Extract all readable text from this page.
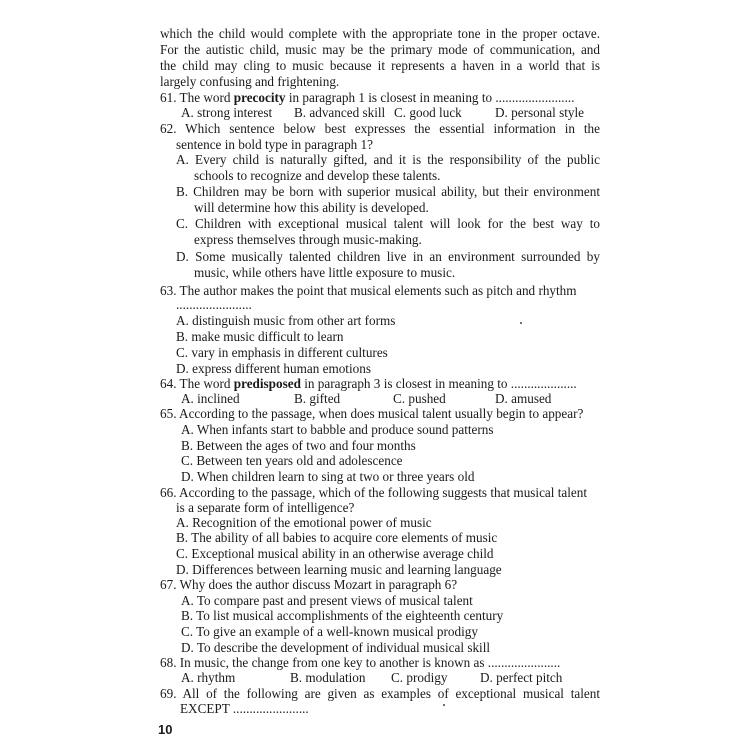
which the child would complete with the appropriate tone in the proper octave.
For the autistic child, music may be the primary mode of communication, and
the child may cling to music because it represents a haven in a world that is
largely confusing and frightening.
61. The word precocity in paragraph 1 is closest in meaning to ........................
A. strong interest B. advanced skill C. good luck	D. personal style
62. Which sentence below best expresses the essential information in the
sentence in bold type in paragraph 1?
A. Every child is naturally gifted, and it is the responsibility of the public
schools to recognize and develop these talents.
B. Children may be born with superior musical ability, but their environment
will determine how this ability is developed.
C. Children with exceptional musical talent will look for the best way to
express themselves through music-making.
D. Some musically talented children live in an environment surrounded by
music, while others have little exposure to music.
63. The author makes the point that musical elements such as pitch and rhythm
.......................
A. distinguish music from other art forms
B. make music difficult to learn
C. vary in emphasis in different cultures
D. express different human emotions
64. The word predisposed in paragraph 3 is closest in meaning to ....................
A. inclined	B. gifted	C. pushed	D. amused
65. According to the passage, when does musical talent usually begin to appear?
A. When infants start to babble and produce sound patterns
B. Between the ages of two and four months
C. Between ten years old and adolescence
D. When children learn to sing at two or three years old
66. According to the passage, which of the following suggests that musical talent
is a separate form of intelligence?
A. Recognition of the emotional power of music
B. The ability of all babies to acquire core elements of music
C. Exceptional musical ability in an otherwise average child
D. Differences between learning music and learning language
67. Why does the author discuss Mozart in paragraph 6?
A. To compare past and present views of musical talent
B. To list musical accomplishments of the eighteenth century
C. To give an example of a well-known musical prodigy
D. To describe the development of individual musical skill
68. In music, the change from one key to another is known as ......................
A. rhythm	B. modulation C. prodigy D. perfect pitch
69. All of the following are given as examples of exceptional musical talent
EXCEPT .......................
10
